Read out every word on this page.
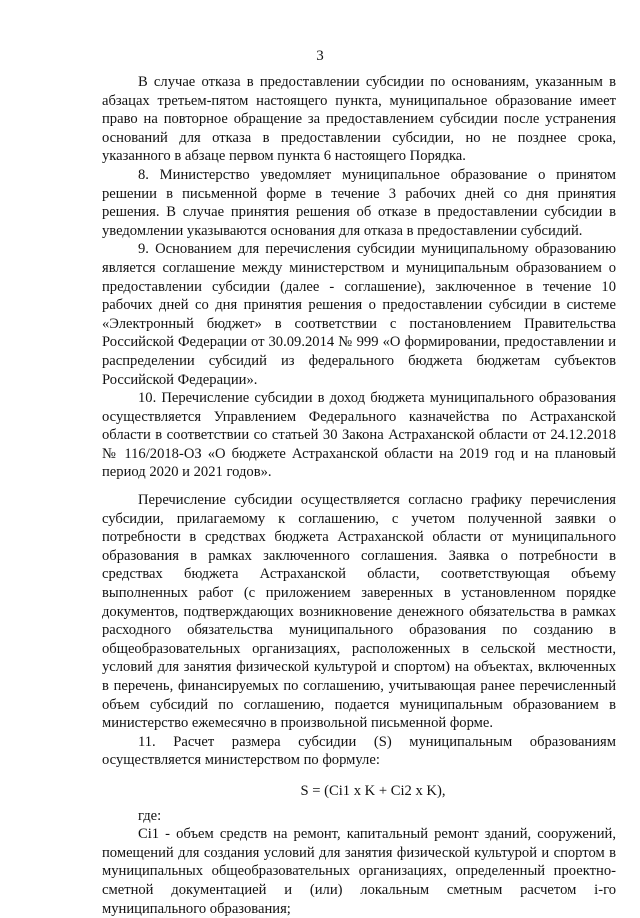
3

В случае отказа в предоставлении субсидии по основаниям, указанным в абзацах третьем-пятом настоящего пункта, муниципальное образование имеет право на повторное обращение за предоставлением субсидии после устранения оснований для отказа в предоставлении субсидии, но не позднее срока, указанного в абзаце первом пункта 6 настоящего Порядка.

8. Министерство уведомляет муниципальное образование о принятом решении в письменной форме в течение 3 рабочих дней со дня принятия решения. В случае принятия решения об отказе в предоставлении субсидии в уведомлении указываются основания для отказа в предоставлении субсидий.

9. Основанием для перечисления субсидии муниципальному образованию является соглашение между министерством и муниципальным образованием о предоставлении субсидии (далее - соглашение), заключенное в течение 10 рабочих дней со дня принятия решения о предоставлении субсидии в системе «Электронный бюджет» в соответствии с постановлением Правительства Российской Федерации от 30.09.2014 № 999 «О формировании, предоставлении и распределении субсидий из федерального бюджета бюджетам субъектов Российской Федерации».

10. Перечисление субсидии в доход бюджета муниципального образования осуществляется Управлением Федерального казначейства по Астраханской области в соответствии со статьей 30 Закона Астраханской области от 24.12.2018 № 116/2018-ОЗ «О бюджете Астраханской области на 2019 год и на плановый период 2020 и 2021 годов».

Перечисление субсидии осуществляется согласно графику перечисления субсидии, прилагаемому к соглашению, с учетом полученной заявки о потребности в средствах бюджета Астраханской области от муниципального образования в рамках заключенного соглашения. Заявка о потребности в средствах бюджета Астраханской области, соответствующая объему выполненных работ (с приложением заверенных в установленном порядке документов, подтверждающих возникновение денежного обязательства в рамках расходного обязательства муниципального образования по созданию в общеобразовательных организациях, расположенных в сельской местности, условий для занятия физической культурой и спортом) на объектах, включенных в перечень, финансируемых по соглашению, учитывающая ранее перечисленный объем субсидий по соглашению, подается муниципальным образованием в министерство ежемесячно в произвольной письменной форме.

11. Расчет размера субсидии (S) муниципальным образованиям осуществляется министерством по формуле:

S = (Ci1 x K + Ci2 x K),

где:

Ci1 - объем средств на ремонт, капитальный ремонт зданий, сооружений, помещений для создания условий для занятия физической культурой и спортом в муниципальных общеобразовательных организациях, определенный проектно-сметной документацией и (или) локальным сметным расчетом i-го муниципального образования;
